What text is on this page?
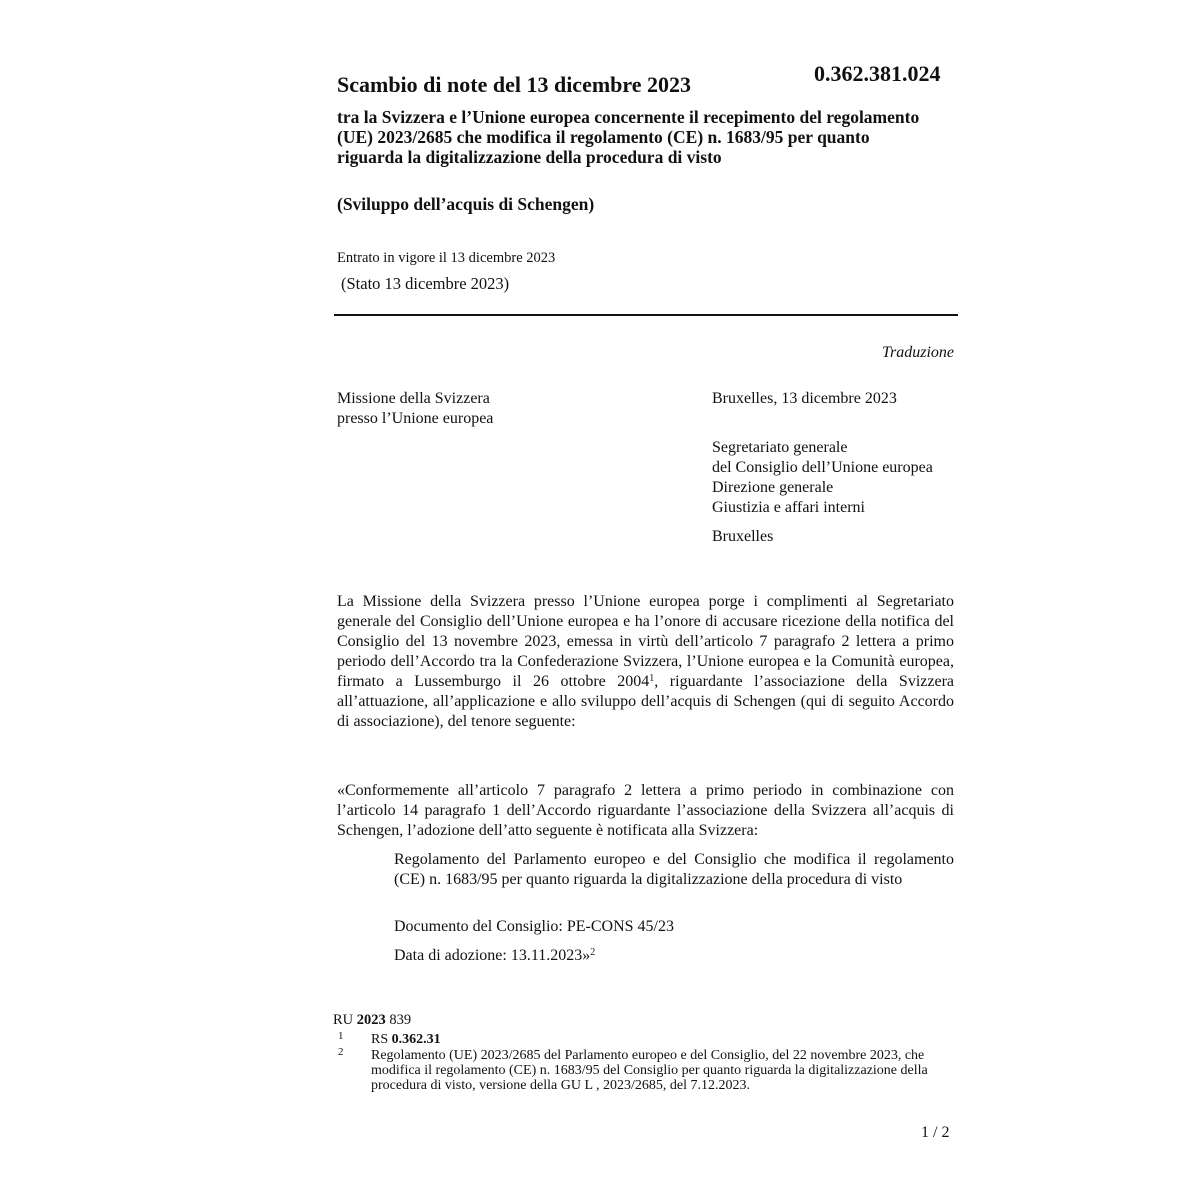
Scambio di note del 13 dicembre 2023	0.362.381.024
tra la Svizzera e l’Unione europea concernente il recepimento del regolamento (UE) 2023/2685 che modifica il regolamento (CE) n. 1683/95 per quanto riguarda la digitalizzazione della procedura di visto
(Sviluppo dell’acquis di Schengen)
Entrato in vigore il 13 dicembre 2023
(Stato 13 dicembre 2023)
Traduzione
Missione della Svizzera
presso l’Unione europea
Bruxelles, 13 dicembre 2023
Segretariato generale
del Consiglio dell’Unione europea
Direzione generale
Giustizia e affari interni
Bruxelles
La Missione della Svizzera presso l’Unione europea porge i complimenti al Segretariato generale del Consiglio dell’Unione europea e ha l’onore di accusare ricezione della notifica del Consiglio del 13 novembre 2023, emessa in virtù dell’articolo 7 paragrafo 2 lettera a primo periodo dell’Accordo tra la Confederazione Svizzera, l’Unione europea e la Comunità europea, firmato a Lussemburgo il 26 ottobre 2004$^1$, riguardante l’associazione della Svizzera all’attuazione, all’applicazione e allo sviluppo dell’acquis di Schengen (qui di seguito Accordo di associazione), del tenore seguente:
«Conformemente all’articolo 7 paragrafo 2 lettera a primo periodo in combinazione con l’articolo 14 paragrafo 1 dell’Accordo riguardante l’associazione della Svizzera all’acquis di Schengen, l’adozione dell’atto seguente è notificata alla Svizzera:
Regolamento del Parlamento europeo e del Consiglio che modifica il regolamento (CE) n. 1683/95 per quanto riguarda la digitalizzazione della procedura di visto
Documento del Consiglio: PE-CONS 45/23
Data di adozione: 13.11.2023»$^2$
RU 2023 839
1 RS 0.362.31
2 Regolamento (UE) 2023/2685 del Parlamento europeo e del Consiglio, del 22 novembre 2023, che modifica il regolamento (CE) n. 1683/95 del Consiglio per quanto riguarda la digitalizzazione della procedura di visto, versione della GU L , 2023/2685, del 7.12.2023.
1 / 2
